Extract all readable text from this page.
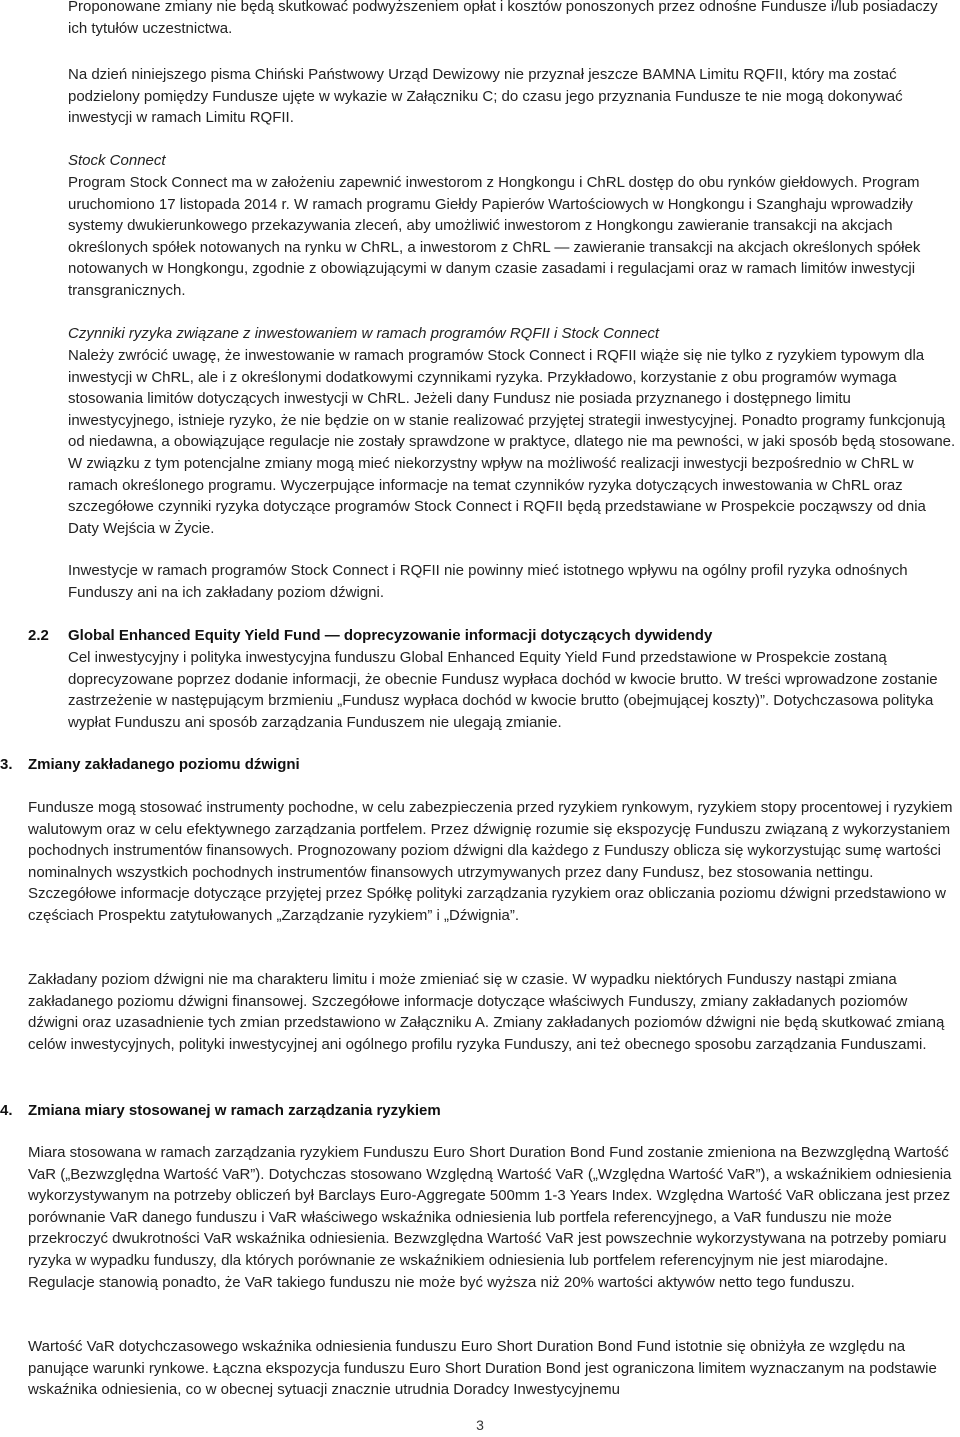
Proponowane zmiany nie będą skutkować podwyższeniem opłat i kosztów ponoszonych przez odnośne Fundusze i/lub posiadaczy ich tytułów uczestnictwa.

Na dzień niniejszego pisma Chiński Państwowy Urząd Dewizowy nie przyznał jeszcze BAMNA Limitu RQFII, który ma zostać podzielony pomiędzy Fundusze ujęte w wykazie w Załączniku C; do czasu jego przyznania Fundusze te nie mogą dokonywać inwestycji w ramach Limitu RQFII.

Stock Connect

Program Stock Connect ma w założeniu zapewnić inwestorom z Hongkongu i ChRL dostęp do obu rynków giełdowych. Program uruchomiono 17 listopada 2014 r. W ramach programu Giełdy Papierów Wartościowych w Hongkongu i Szanghaju wprowadziły systemy dwukierunkowego przekazywania zleceń, aby umożliwić inwestorom z Hongkongu zawieranie transakcji na akcjach określonych spółek notowanych na rynku w ChRL, a inwestorom z ChRL — zawieranie transakcji na akcjach określonych spółek notowanych w Hongkongu, zgodnie z obowiązującymi w danym czasie zasadami i regulacjami oraz w ramach limitów inwestycji transgranicznych.

Czynniki ryzyka związane z inwestowaniem w ramach programów RQFII i Stock Connect

Należy zwrócić uwagę, że inwestowanie w ramach programów Stock Connect i RQFII wiąże się nie tylko z ryzykiem typowym dla inwestycji w ChRL, ale i z określonymi dodatkowymi czynnikami ryzyka. Przykładowo, korzystanie z obu programów wymaga stosowania limitów dotyczących inwestycji w ChRL. Jeżeli dany Fundusz nie posiada przyznanego i dostępnego limitu inwestycyjnego, istnieje ryzyko, że nie będzie on w stanie realizować przyjętej strategii inwestycyjnej. Ponadto programy funkcjonują od niedawna, a obowiązujące regulacje nie zostały sprawdzone w praktyce, dlatego nie ma pewności, w jaki sposób będą stosowane. W związku z tym potencjalne zmiany mogą mieć niekorzystny wpływ na możliwość realizacji inwestycji bezpośrednio w ChRL w ramach określonego programu. Wyczerpujące informacje na temat czynników ryzyka dotyczących inwestowania w ChRL oraz szczegółowe czynniki ryzyka dotyczące programów Stock Connect i RQFII będą przedstawiane w Prospekcie począwszy od dnia Daty Wejścia w Życie.

Inwestycje w ramach programów Stock Connect i RQFII nie powinny mieć istotnego wpływu na ogólny profil ryzyka odnośnych Funduszy ani na ich zakładany poziom dźwigni.

2.2	Global Enhanced Equity Yield Fund — doprecyzowanie informacji dotyczących dywidendy

Cel inwestycyjny i polityka inwestycyjna funduszu Global Enhanced Equity Yield Fund przedstawione w Prospekcie zostaną doprecyzowane poprzez dodanie informacji, że obecnie Fundusz wypłaca dochód w kwocie brutto. W treści wprowadzone zostanie zastrzeżenie w następującym brzmieniu „Fundusz wypłaca dochód w kwocie brutto (obejmującej koszty)”. Dotychczasowa polityka wypłat Funduszu ani sposób zarządzania Funduszem nie ulegają zmianie.

3.	Zmiany zakładanego poziomu dźwigni

Fundusze mogą stosować instrumenty pochodne, w celu zabezpieczenia przed ryzykiem rynkowym, ryzykiem stopy procentowej i ryzykiem walutowym oraz w celu efektywnego zarządzania portfelem. Przez dźwignię rozumie się ekspozycję Funduszu związaną z wykorzystaniem pochodnych instrumentów finansowych. Prognozowany poziom dźwigni dla każdego z Funduszy oblicza się wykorzystując sumę wartości nominalnych wszystkich pochodnych instrumentów finansowych utrzymywanych przez dany Fundusz, bez stosowania nettingu. Szczegółowe informacje dotyczące przyjętej przez Spółkę polityki zarządzania ryzykiem oraz obliczania poziomu dźwigni przedstawiono w częściach Prospektu zatytułowanych „Zarządzanie ryzykiem” i „Dźwignia”.

Zakładany poziom dźwigni nie ma charakteru limitu i może zmieniać się w czasie. W wypadku niektórych Funduszy nastąpi zmiana zakładanego poziomu dźwigni finansowej. Szczegółowe informacje dotyczące właściwych Funduszy, zmiany zakładanych poziomów dźwigni oraz uzasadnienie tych zmian przedstawiono w Załączniku A. Zmiany zakładanych poziomów dźwigni nie będą skutkować zmianą celów inwestycyjnych, polityki inwestycyjnej ani ogólnego profilu ryzyka Funduszy, ani też obecnego sposobu zarządzania Funduszami.

4.	Zmiana miary stosowanej w ramach zarządzania ryzykiem

Miara stosowana w ramach zarządzania ryzykiem Funduszu Euro Short Duration Bond Fund zostanie zmieniona na Bezwzględną Wartość VaR („Bezwzględna Wartość VaR”). Dotychczas stosowano Względną Wartość VaR („Względna Wartość VaR”), a wskaźnikiem odniesienia wykorzystywanym na potrzeby obliczeń był Barclays Euro-Aggregate 500mm 1-3 Years Index. Względna Wartość VaR obliczana jest przez porównanie VaR danego funduszu i VaR właściwego wskaźnika odniesienia lub portfela referencyjnego, a VaR funduszu nie może przekroczyć dwukrotności VaR wskaźnika odniesienia. Bezwzględna Wartość VaR jest powszechnie wykorzystywana na potrzeby pomiaru ryzyka w wypadku funduszy, dla których porównanie ze wskaźnikiem odniesienia lub portfelem referencyjnym nie jest miarodajne. Regulacje stanowią ponadto, że VaR takiego funduszu nie może być wyższa niż 20% wartości aktywów netto tego funduszu.

Wartość VaR dotychczasowego wskaźnika odniesienia funduszu Euro Short Duration Bond Fund istotnie się obniżyła ze względu na panujące warunki rynkowe. Łączna ekspozycja funduszu Euro Short Duration Bond jest ograniczona limitem wyznaczanym na podstawie wskaźnika odniesienia, co w obecnej sytuacji znacznie utrudnia Doradcy Inwestycyjnemu

3
